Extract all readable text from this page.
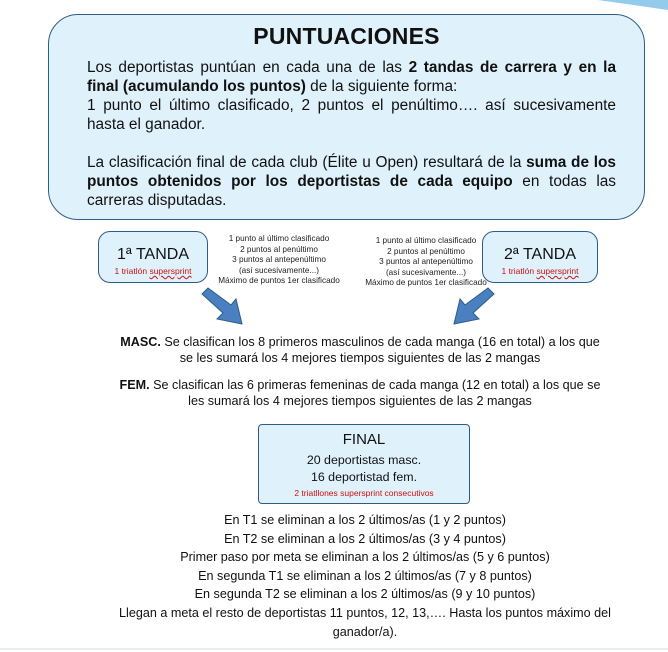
PUNTUACIONES

Los deportistas puntúan en cada una de las 2 tandas de carrera y en la final (acumulando los puntos) de la siguiente forma:
1 punto el último clasificado, 2 puntos el penúltimo…. así sucesivamente hasta el ganador.

La clasificación final de cada club (Élite u Open) resultará de la suma de los puntos obtenidos por los deportistas de cada equipo en todas las carreras disputadas.

1ª TANDA
1 triatlón supersprint
1 punto al último clasificado
2 puntos al penúltimo
3 puntos al antepenúltimo
(así sucesivamente...)
Máximo de puntos 1er clasificado
1 punto al último clasificado
2 puntos al penúltimo
3 puntos al antepenúltimo
(así sucesivamente...)
Máximo de puntos 1er clasificado
2ª TANDA
1 triatlón supersprint
MASC. Se clasifican los 8 primeros masculinos de cada manga (16 en total) a los que se les sumará los 4 mejores tiempos siguientes de las 2 mangas
FEM. Se clasifican las 6 primeras femeninas de cada manga (12 en total) a los que se les sumará los 4 mejores tiempos siguientes de las 2 mangas
FINAL
20 deportistas masc.
16 deportistad fem.
2 triatllones supersprint consecutivos
En T1 se eliminan a los 2 últimos/as (1 y 2 puntos)
En T2 se eliminan a los 2 últimos/as (3 y 4 puntos)
Primer paso por meta se eliminan a los 2 últimos/as (5 y 6 puntos)
En segunda T1 se eliminan a los 2 últimos/as (7 y 8 puntos)
En segunda T2 se eliminan a los 2 últimos/as (9 y 10 puntos)
Llegan a meta el resto de deportistas 11 puntos, 12, 13,…. Hasta los puntos máximo del ganador/a).
